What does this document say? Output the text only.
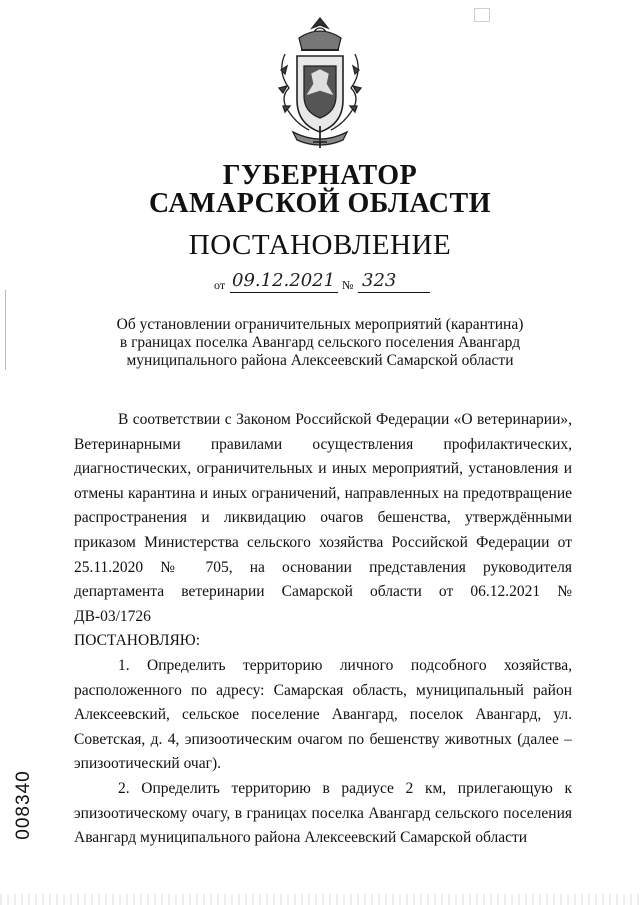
ГУБЕРНАТОР
САМАРСКОЙ ОБЛАСТИ
ПОСТАНОВЛЕНИЕ
от 09.12.2021 № 323
Об установлении ограничительных мероприятий (карантина)
в границах поселка Авангард сельского поселения Авангард
муниципального района Алексеевский Самарской области

В соответствии с Законом Российской Федерации «О ветеринарии», Ветеринарными правилами осуществления профилактических, диагностических, ограничительных и иных мероприятий, установления и отмены карантина и иных ограничений, направленных на предотвращение распространения и ликвидацию очагов бешенства, утверждёнными приказом Министерства сельского хозяйства Российской Федерации от 25.11.2020 № 705, на основании представления руководителя департамента ветеринарии Самарской области от 06.12.2021 № ДВ-03/1726

ПОСТАНОВЛЯЮ:

1. Определить территорию личного подсобного хозяйства, расположенного по адресу: Самарская область, муниципальный район Алексеевский, сельское поселение Авангард, поселок Авангард, ул. Советская, д. 4, эпизоотическим очагом по бешенству животных (далее – эпизоотический очаг).

2. Определить территорию в радиусе 2 км, прилегающую к эпизоотическому очагу, в границах поселка Авангард сельского поселения Авангард муниципального района Алексеевский Самарской области

008340
